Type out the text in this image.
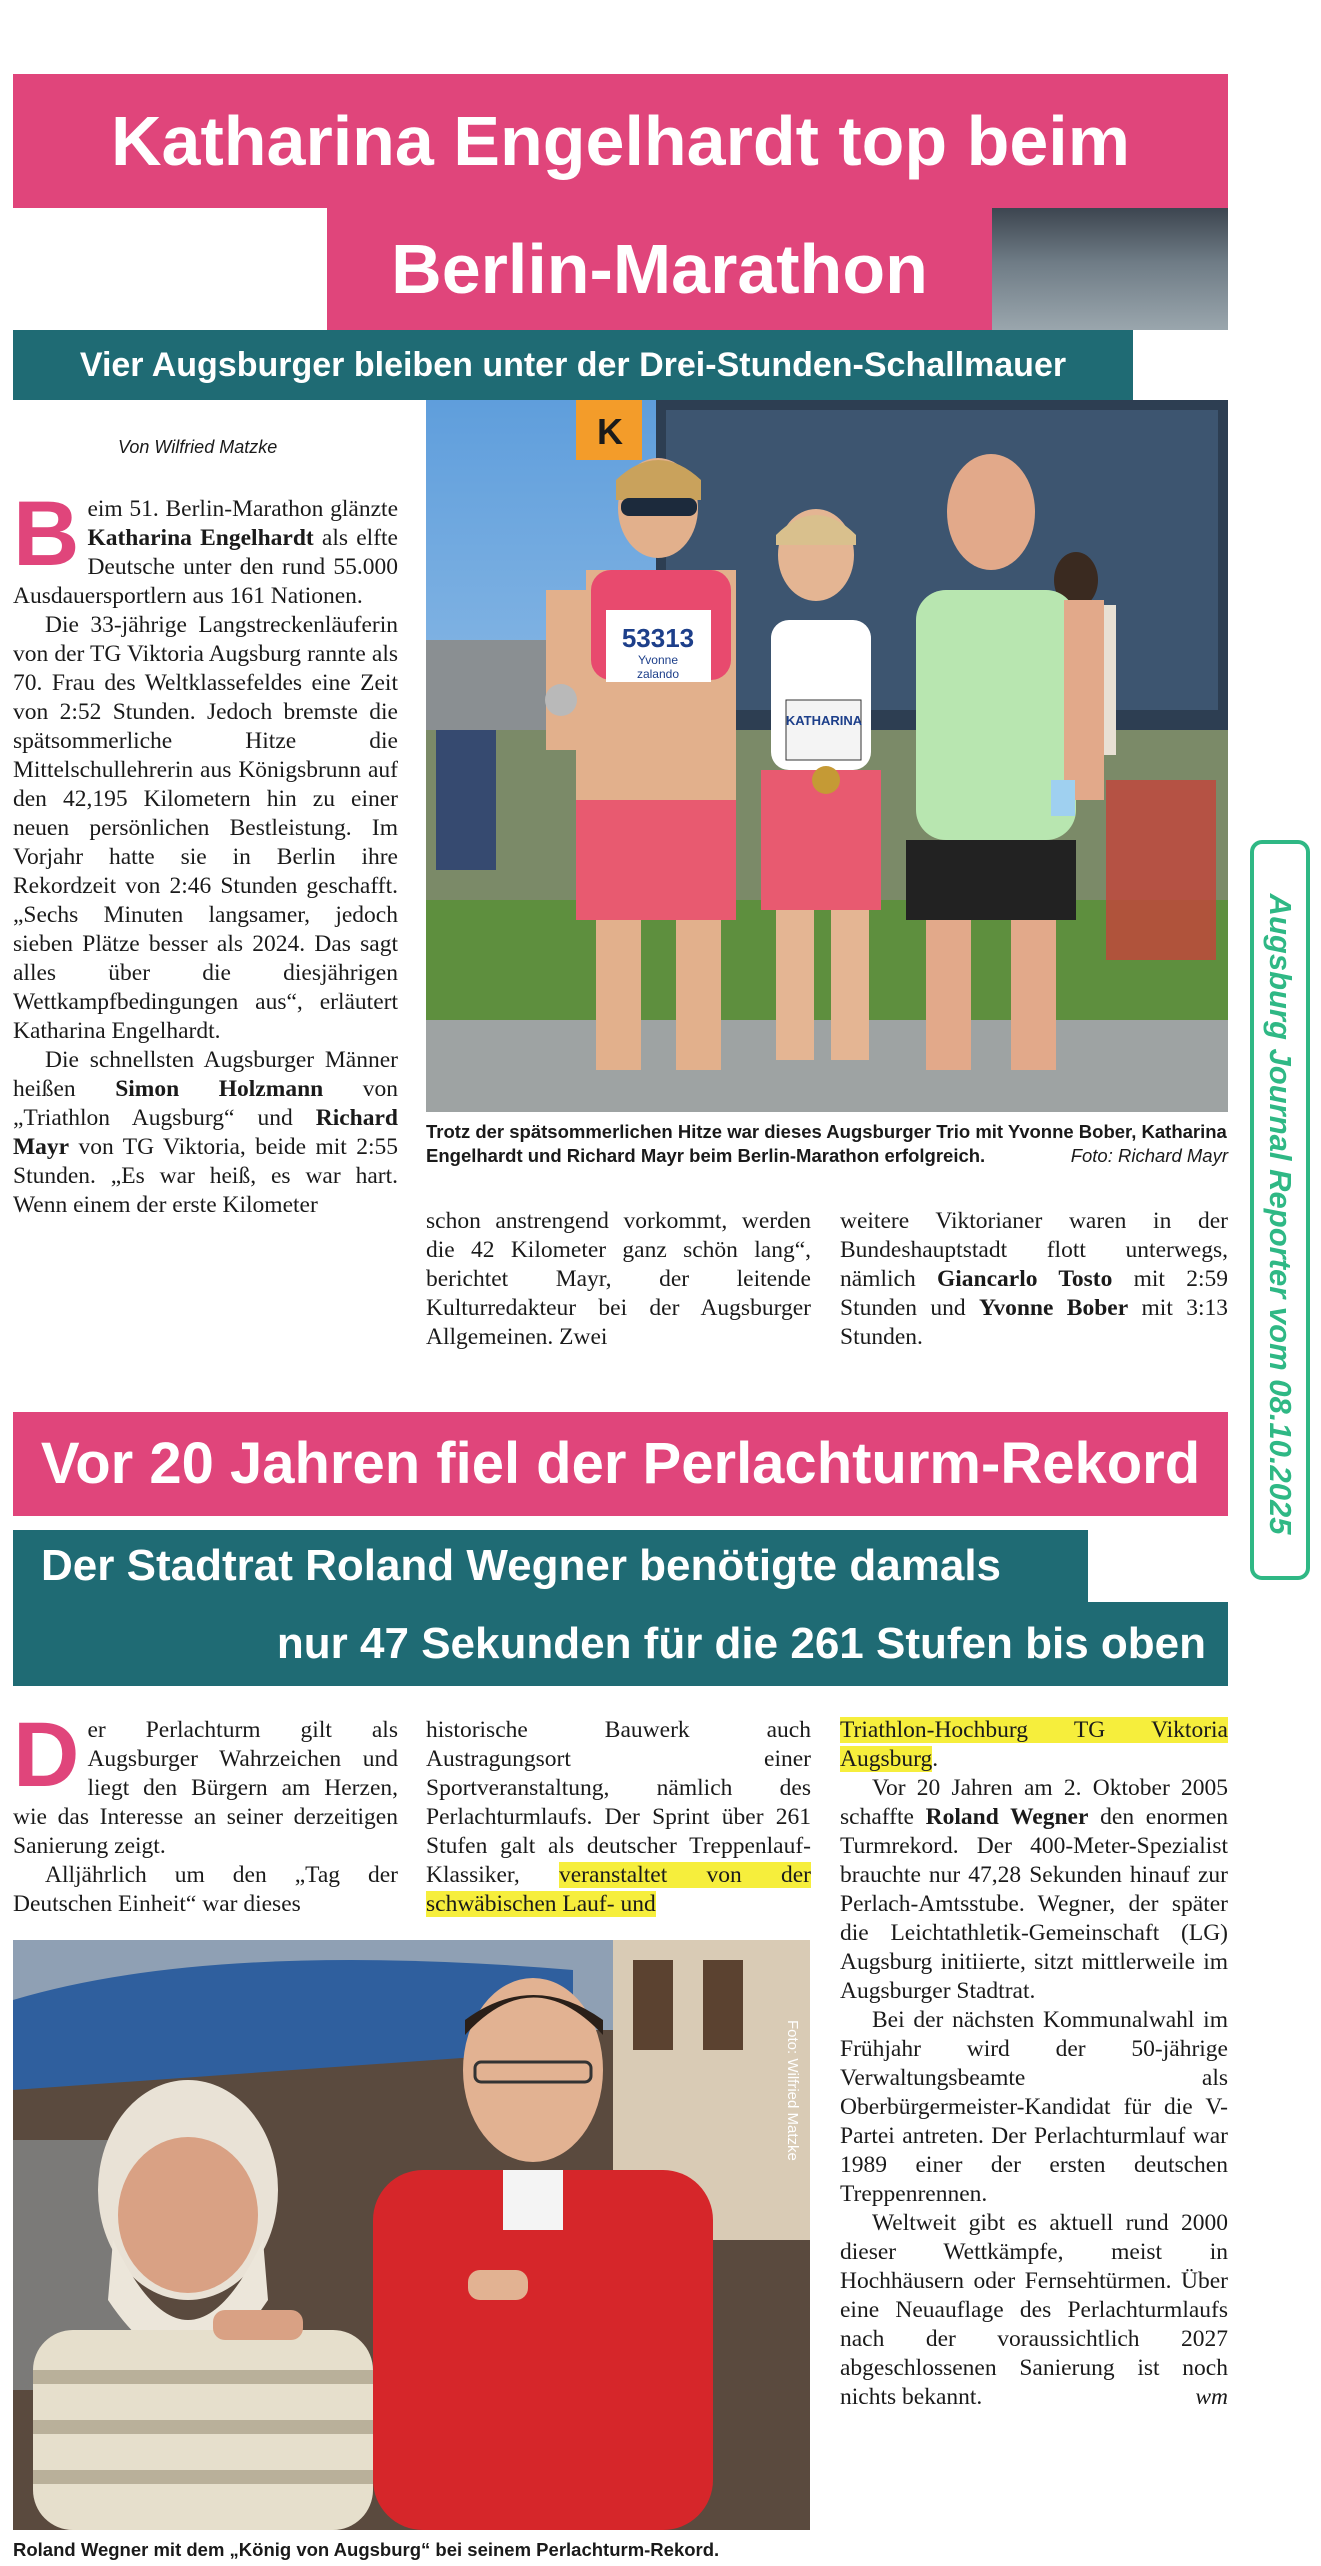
Katharina Engelhardt top beim
Berlin-Marathon
Vier Augsburger bleiben unter der Drei-Stunden-Schallmauer
Von Wilfried Matzke	K
53313
Yvonne
zalando
KATHARINA
Trotz der spätsommerlichen Hitze war dieses Augsburger Trio mit Yvonne Bober, Katharina Engelhardt und Richard Mayr beim Berlin-Marathon erfolgreich.	Foto: Richard Mayr

Beim 51. Berlin-Marathon glänzte Katharina Engelhardt als elfte Deutsche unter den rund 55.000 Ausdauersportlern aus 161 Nationen.

Die 33-jährige Langstreckenläuferin von der TG Viktoria Augsburg rannte als 70. Frau des Weltklassefeldes eine Zeit von 2:52 Stunden. Jedoch bremste die spätsommerliche Hitze die Mittelschullehrerin aus Königsbrunn auf den 42,195 Kilometern hin zu einer neuen persönlichen Bestleistung. Im Vorjahr hatte sie in Berlin ihre Rekordzeit von 2:46 Stunden geschafft. „Sechs Minuten langsamer, jedoch sieben Plätze besser als 2024. Das sagt alles über die diesjährigen Wettkampfbedingungen aus“, erläutert Katharina Engelhardt.

Die schnellsten Augsburger Männer heißen Simon Holzmann von „Triathlon Augsburg“ und Richard Mayr von TG Viktoria, beide mit 2:55 Stunden. „Es war heiß, es war hart. Wenn einem der erste Kilometer

schon anstrengend vorkommt, werden die 42 Kilometer ganz schön lang“, berichtet Mayr, der leitende Kulturredakteur bei der Augsburger Allgemeinen. Zwei
weitere Viktorianer waren in der Bundeshauptstadt flott unterwegs, nämlich Giancarlo Tosto mit 2:59 Stunden und Yvonne Bober mit 3:13 Stunden.	Augsburg Journal Reporter vom 08.10.2025
Vor 20 Jahren fiel der Perlachturm-Rekord
Der Stadtrat Roland Wegner benötigte damals
nur 47 Sekunden für die 261 Stufen bis oben

Der Perlachturm gilt als Augsburger Wahrzeichen und liegt den Bürgern am Herzen, wie das Interesse an seiner derzeitigen Sanierung zeigt.

Alljährlich um den „Tag der Deutschen Einheit“ war dieses

historische Bauwerk auch Austragungsort einer Sportveranstaltung, nämlich des Perlachturmlaufs. Der Sprint über 261 Stufen galt als deutscher Treppenlauf-Klassiker, veranstaltet von der schwäbischen Lauf- und

Triathlon-Hochburg TG Viktoria Augsburg.

Vor 20 Jahren am 2. Oktober 2005 schaffte Roland Wegner den enormen Turmrekord. Der 400-Meter-Spezialist brauchte nur 47,28 Sekunden hinauf zur Perlach-Amtsstube. Wegner, der später die Leichtathletik-Gemeinschaft (LG) Augsburg initiierte, sitzt mittlerweile im Augsburger Stadtrat.

Bei der nächsten Kommunalwahl im Frühjahr wird der 50-jährige Verwaltungsbeamte als Oberbürgermeister-Kandidat für die V-Partei antreten. Der Perlachturmlauf war 1989 einer der ersten deutschen Treppenrennen.

Weltweit gibt es aktuell rund 2000 dieser Wettkämpfe, meist in Hochhäusern oder Fernsehtürmen. Über eine Neuauflage des Perlachturmlaufs nach der voraussichtlich 2027 abgeschlossenen Sanierung ist noch nichts bekannt.	wm

Foto: Wilfried Matzke
Roland Wegner mit dem „König von Augsburg“ bei seinem Perlachturm-Rekord.
